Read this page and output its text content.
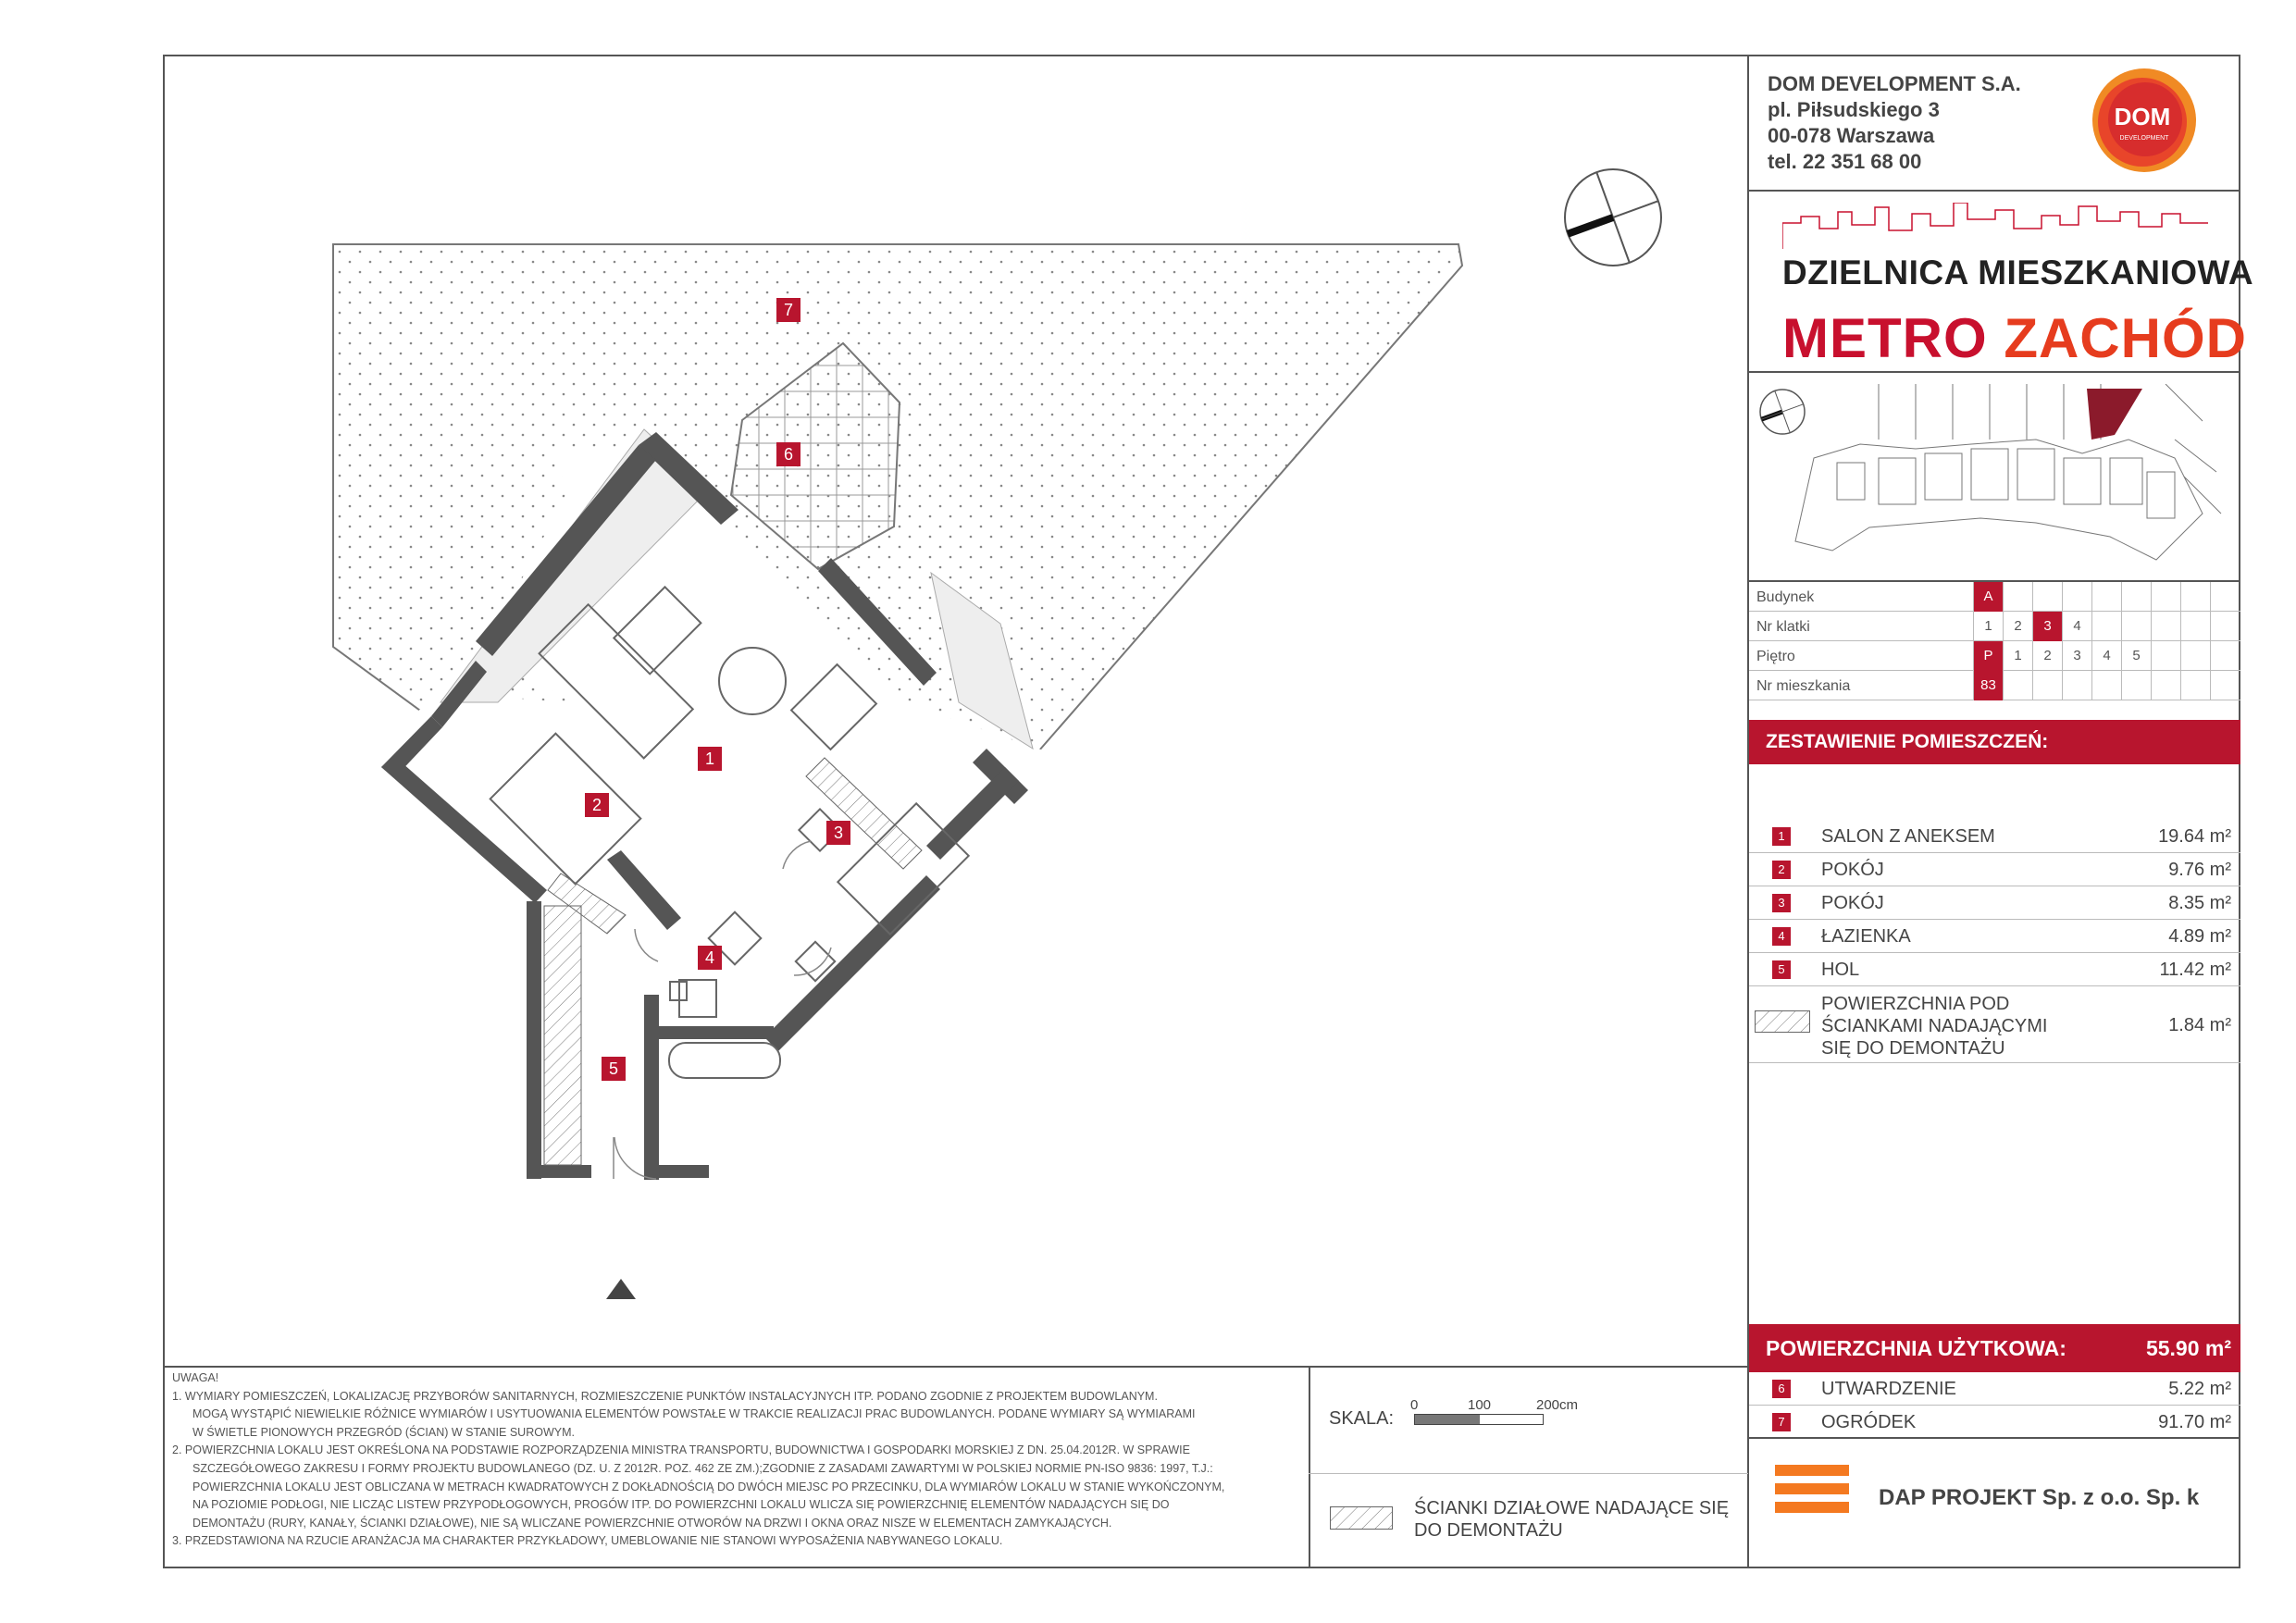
1
2
3
4
5
6
7
DOM DEVELOPMENT S.A.
pl. Piłsudskiego 3
00-078 Warszawa
tel. 22 351 68 00
DOM
DEVELOPMENT
DZIELNICA MIESZKANIOWA
METRO ZACHÓD
Budynek	A
Nr klatki	1	2	3	4
Piętro	P	1	2	3	4	5
Nr mieszkania	83
ZESTAWIENIE POMIESZCZEŃ:
1	SALON Z ANEKSEM	19.64 m²
2	POKÓJ	9.76 m²
3	POKÓJ	8.35 m²
4	ŁAZIENKA	4.89 m²
5	HOL	11.42 m²
POWIERZCHNIA POD
ŚCIANKAMI NADAJĄCYMI
SIĘ DO DEMONTAŻU
1.84 m²
POWIERZCHNIA UŻYTKOWA:	55.90 m²
6	UTWARDZENIE	5.22 m²
7	OGRÓDEK	91.70 m²
DAP PROJEKT Sp. z o.o. Sp. k

UWAGA!

1. WYMIARY POMIESZCZEŃ, LOKALIZACJĘ PRZYBORÓW SANITARNYCH, ROZMIESZCZENIE PUNKTÓW INSTALACYJNYCH ITP. PODANO ZGODNIE Z PROJEKTEM BUDOWLANYM.

MOGĄ WYSTĄPIĆ NIEWIELKIE RÓŻNICE WYMIARÓW I USYTUOWANIA ELEMENTÓW POWSTAŁE W TRAKCIE REALIZACJI PRAC BUDOWLANYCH. PODANE WYMIARY SĄ WYMIARAMI

W ŚWIETLE PIONOWYCH PRZEGRÓD (ŚCIAN) W STANIE SUROWYM.

2. POWIERZCHNIA LOKALU JEST OKREŚLONA NA PODSTAWIE ROZPORZĄDZENIA MINISTRA TRANSPORTU, BUDOWNICTWA I GOSPODARKI MORSKIEJ Z DN. 25.04.2012R. W SPRAWIE

SZCZEGÓŁOWEGO ZAKRESU I FORMY PROJEKTU BUDOWLANEGO (DZ. U. Z 2012R. POZ. 462 ZE ZM.);ZGODNIE Z ZASADAMI ZAWARTYMI W POLSKIEJ NORMIE PN-ISO 9836: 1997, T.J.:

POWIERZCHNIA LOKALU JEST OBLICZANA W METRACH KWADRATOWYCH Z DOKŁADNOŚCIĄ DO DWÓCH MIEJSC PO PRZECINKU, DLA WYMIARÓW LOKALU W STANIE WYKOŃCZONYM,

NA POZIOMIE PODŁOGI, NIE LICZĄC LISTEW PRZYPODŁOGOWYCH, PROGÓW ITP. DO POWIERZCHNI LOKALU WLICZA SIĘ POWIERZCHNIĘ ELEMENTÓW NADAJĄCYCH SIĘ DO

DEMONTAŻU (RURY, KANAŁY, ŚCIANKI DZIAŁOWE), NIE SĄ WLICZANE POWIERZCHNIE OTWORÓW NA DRZWI I OKNA ORAZ NISZE W ELEMENTACH ZAMYKAJĄCYCH.

3. PRZEDSTAWIONA NA RZUCIE ARANŻACJA MA CHARAKTER PRZYKŁADOWY, UMEBLOWANIE NIE STANOWI WYPOSAŻENIA NABYWANEGO LOKALU.

SKALA:
0	100	200cm
ŚCIANKI DZIAŁOWE NADAJĄCE SIĘ
DO DEMONTAŻU
